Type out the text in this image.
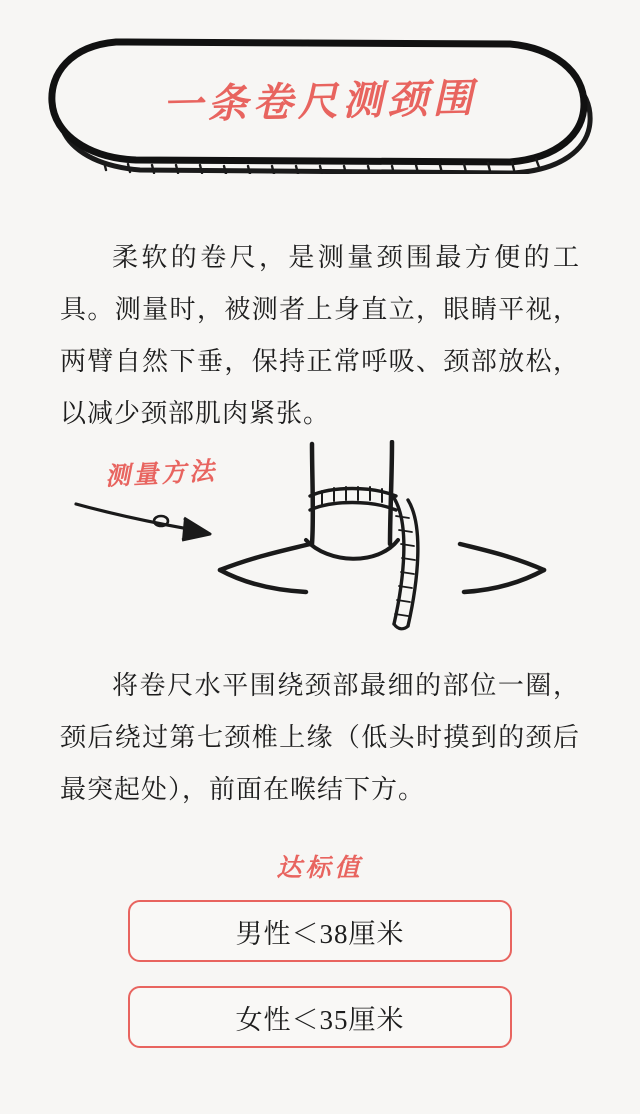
一条卷尺测颈围
柔软的卷尺，是测量颈围最方便的工具。测量时，被测者上身直立，眼睛平视，两臂自然下垂，保持正常呼吸、颈部放松，以减少颈部肌肉紧张。
测量方法
将卷尺水平围绕颈部最细的部位一圈，颈后绕过第七颈椎上缘（低头时摸到的颈后最突起处），前面在喉结下方。
达标值
男性＜38厘米
女性＜35厘米
